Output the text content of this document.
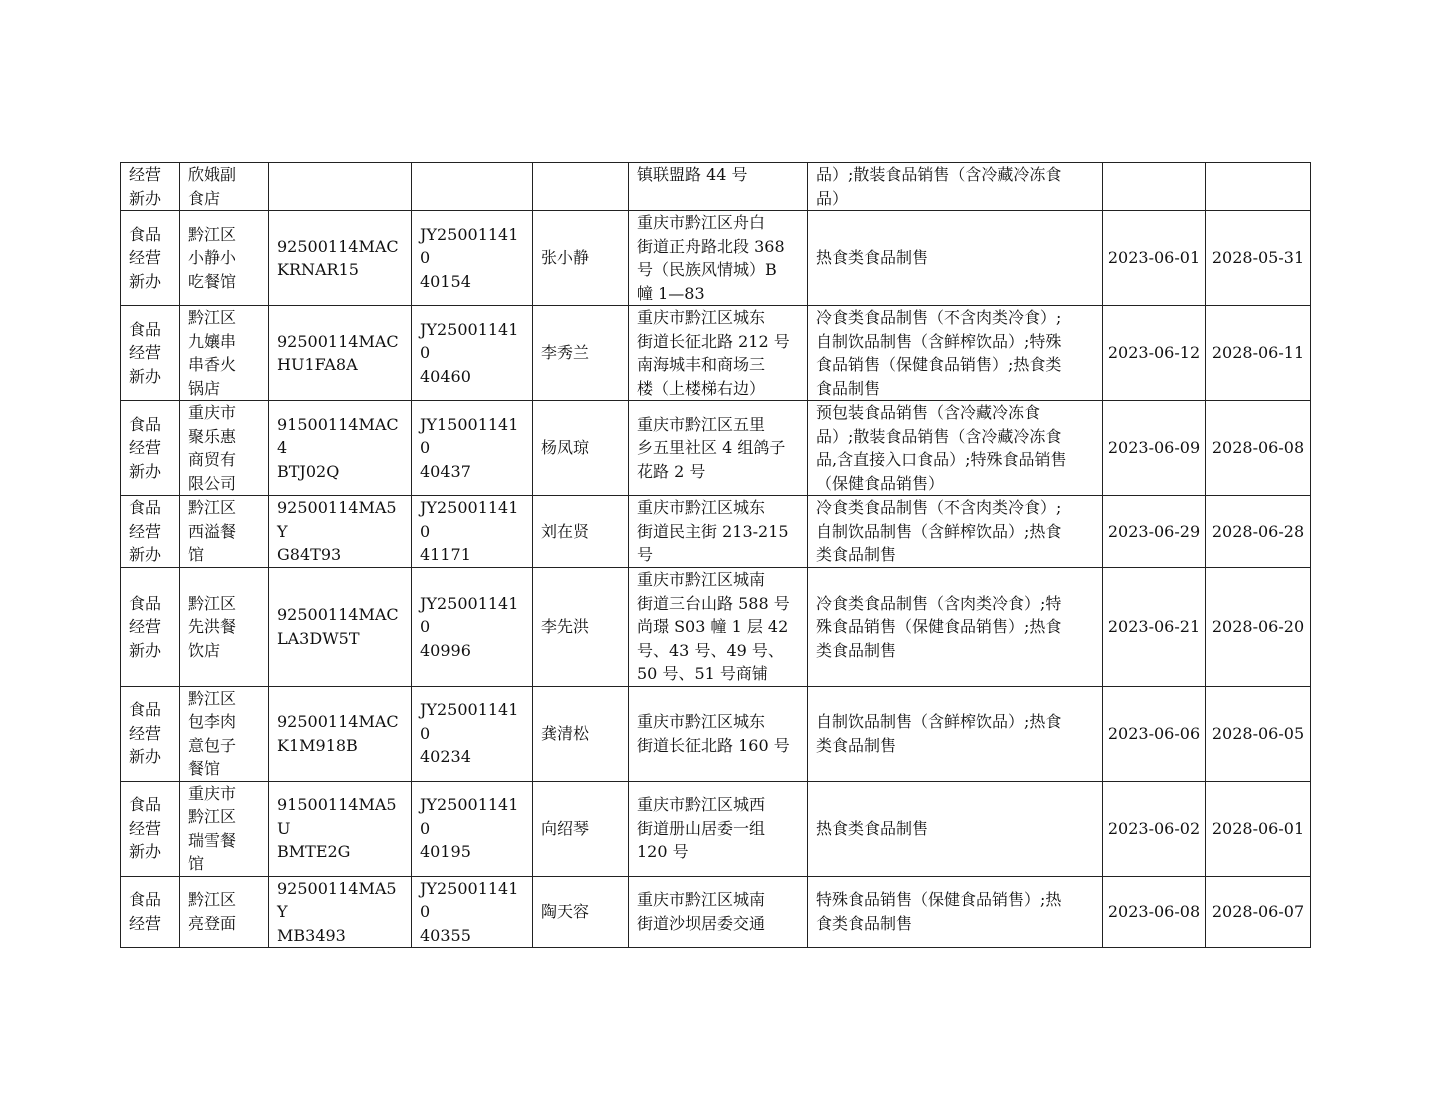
经营
新办	欣娥副
食店				镇联盟路 44 号	品）;散装食品销售（含冷藏冷冻食
品）		

食品
经营
新办	黔江区
小静小
吃餐馆	92500114MAC
KRNAR15	JY250011410
40154	张小静	重庆市黔江区舟白
街道正舟路北段 368
号（民族风情城）B
幢 1—83	热食类食品制售	2023-06-01	2028-05-31

食品
经营
新办	黔江区
九孃串
串香火
锅店	92500114MAC
HU1FA8A	JY250011410
40460	李秀兰	重庆市黔江区城东
街道长征北路 212 号
南海城丰和商场三
楼（上楼梯右边）	冷食类食品制售（不含肉类冷食）;
自制饮品制售（含鲜榨饮品）;特殊
食品销售（保健食品销售）;热食类
食品制售	2023-06-12	2028-06-11

食品
经营
新办	重庆市
聚乐惠
商贸有
限公司	91500114MAC4
BTJ02Q	JY150011410
40437	杨凤琼	重庆市黔江区五里
乡五里社区 4 组鸽子
花路 2 号	预包装食品销售（含冷藏冷冻食
品）;散装食品销售（含冷藏冷冻食
品,含直接入口食品）;特殊食品销售
（保健食品销售）	2023-06-09	2028-06-08

食品
经营
新办	黔江区
西溢餐
馆	92500114MA5Y
G84T93	JY250011410
41171	刘在贤	重庆市黔江区城东
街道民主街 213-215
号	冷食类食品制售（不含肉类冷食）;
自制饮品制售（含鲜榨饮品）;热食
类食品制售	2023-06-29	2028-06-28

食品
经营
新办	黔江区
先洪餐
饮店	92500114MAC
LA3DW5T	JY250011410
40996	李先洪	重庆市黔江区城南
街道三台山路 588 号
尚璟 S03 幢 1 层 42
号、43 号、49 号、
50 号、51 号商铺	冷食类食品制售（含肉类冷食）;特
殊食品销售（保健食品销售）;热食
类食品制售	2023-06-21	2028-06-20

食品
经营
新办	黔江区
包李肉
意包子
餐馆	92500114MAC
K1M918B	JY250011410
40234	龚清松	重庆市黔江区城东
街道长征北路 160 号	自制饮品制售（含鲜榨饮品）;热食
类食品制售	2023-06-06	2028-06-05

食品
经营
新办	重庆市
黔江区
瑞雪餐
馆	91500114MA5U
BMTE2G	JY250011410
40195	向绍琴	重庆市黔江区城西
街道册山居委一组
120 号	热食类食品制售	2023-06-02	2028-06-01

食品
经营	黔江区
亮登面	92500114MA5Y
MB3493	JY250011410
40355	陶天容	重庆市黔江区城南
街道沙坝居委交通	特殊食品销售（保健食品销售）;热
食类食品制售	2023-06-08	2028-06-07
